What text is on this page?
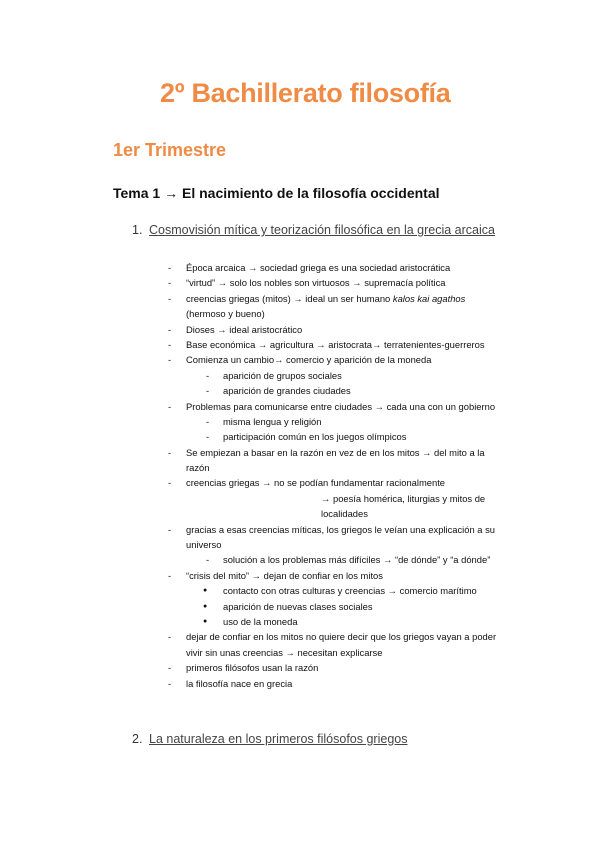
2º Bachillerato filosofía
1er Trimestre
Tema 1 → El nacimiento de la filosofía occidental
1. Cosmovisión mítica y teorización filosófica en la grecia arcaica
- Época arcaica → sociedad griega es una sociedad aristocrática
- “virtud” → solo los nobles son virtuosos → supremacía política
- creencias griegas (mitos) → ideal un ser humano kalos kai agathos
(hermoso y bueno)
- Dioses → ideal aristocrático
- Base económica → agricultura → aristocrata→ terratenientes-guerreros
- Comienza un cambio→ comercio y aparición de la moneda
- aparición de grupos sociales
- aparición de grandes ciudades
- Problemas para comunicarse entre ciudades → cada una con un gobierno
- misma lengua y religión
- participación común en los juegos olímpicos
- Se empiezan a basar en la razón en vez de en los mitos → del mito a la
razón
- creencias griegas → no se podían fundamentar racionalmente
→ poesía homérica, liturgias y mitos de
localidades
- gracias a esas creencias míticas, los griegos le veían una explicación a su
universo
- solución a los problemas más difíciles → “de dónde” y “a dónde”
- “crisis del mito” → dejan de confiar en los mitos
● contacto con otras culturas y creencias → comercio marítimo
● aparición de nuevas clases sociales
● uso de la moneda
- dejar de confiar en los mitos no quiere decir que los griegos vayan a poder
vivir sin unas creencias → necesitan explicarse
- primeros filósofos usan la razón
- la filosofía nace en grecia
2. La naturaleza en los primeros filósofos griegos
